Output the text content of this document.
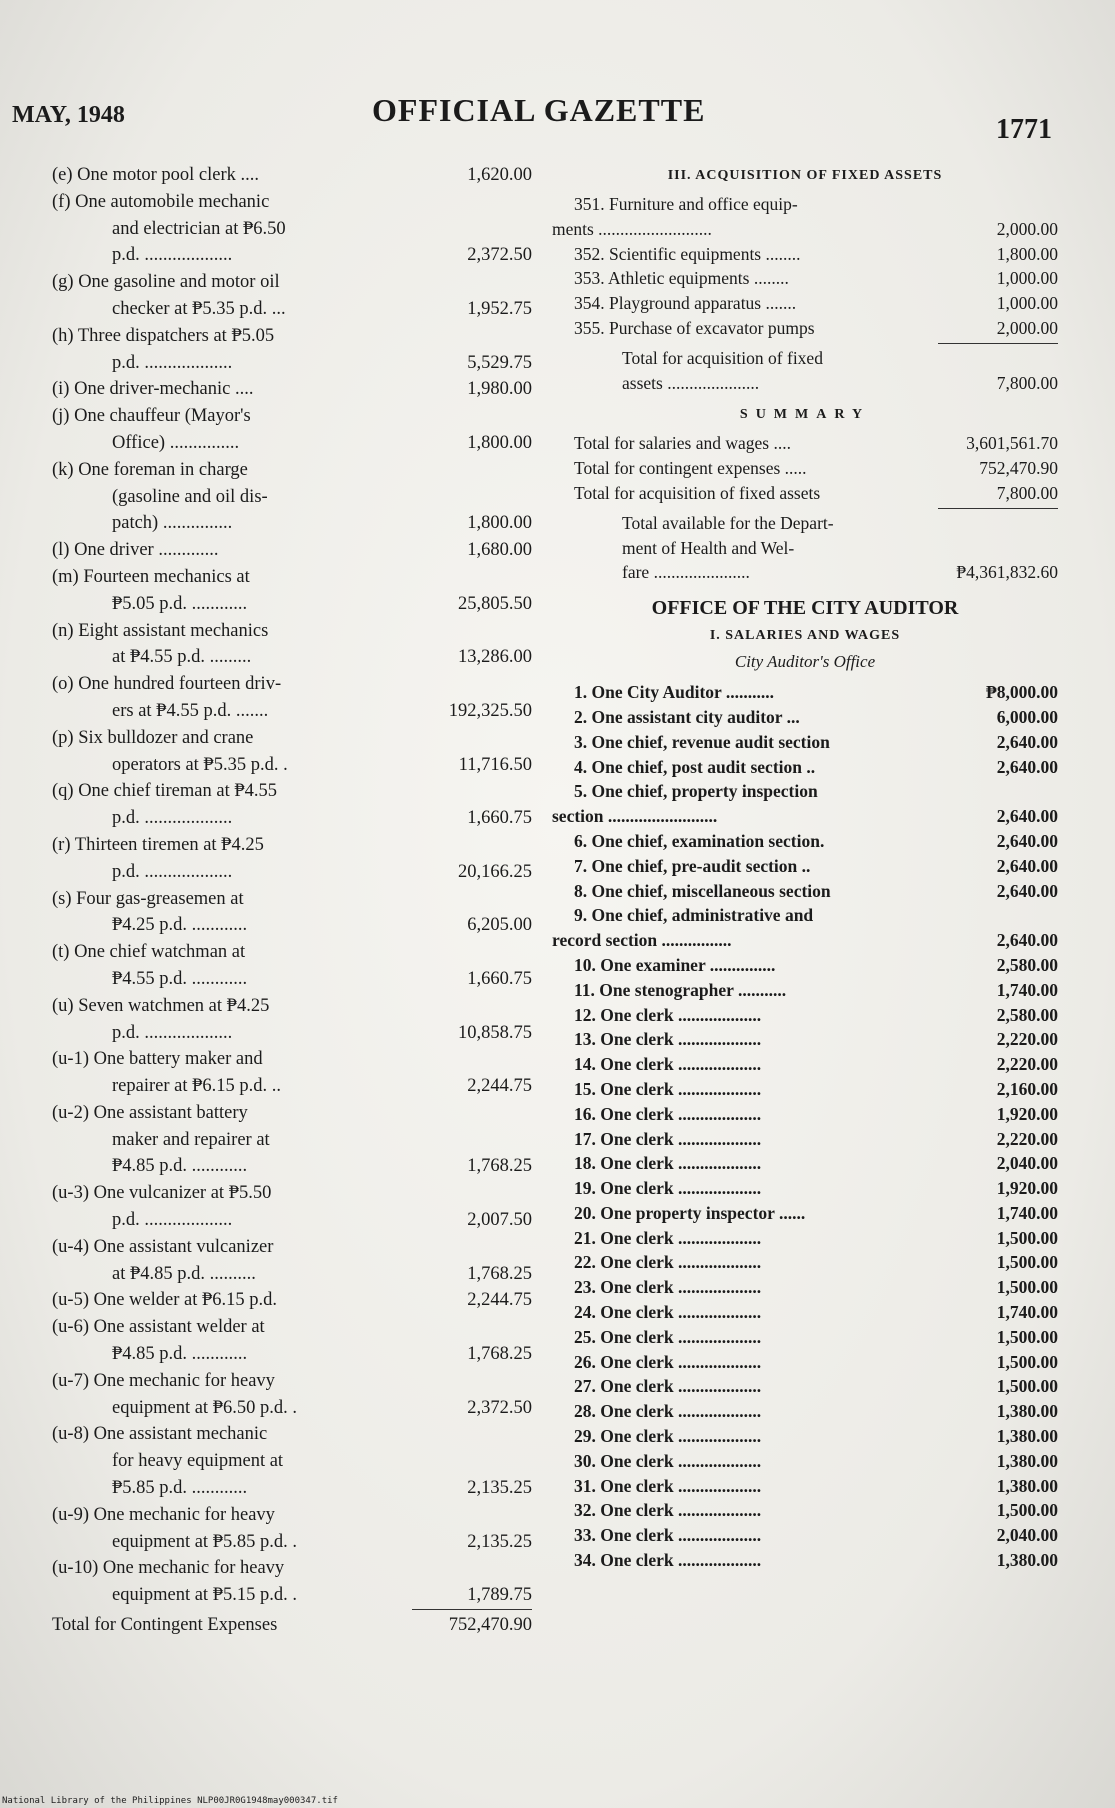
MAY, 1948	OFFICIAL GAZETTE
1771
(e) One motor pool clerk ....	1,620.00
(f) One automobile mechanic
and electrician at ₱6.50
p.d. ...................	2,372.50
(g) One gasoline and motor oil
checker at ₱5.35 p.d. ...	1,952.75
(h) Three dispatchers at ₱5.05
p.d. ...................	5,529.75
(i) One driver-mechanic ....	1,980.00
(j) One chauffeur (Mayor's
Office) ...............	1,800.00
(k) One foreman in charge
(gasoline and oil dis-
patch) ...............	1,800.00
(l) One driver .............	1,680.00
(m) Fourteen mechanics at
₱5.05 p.d. ............	25,805.50
(n) Eight assistant mechanics
at ₱4.55 p.d. .........	13,286.00
(o) One hundred fourteen driv-
ers at ₱4.55 p.d. .......	192,325.50
(p) Six bulldozer and crane
operators at ₱5.35 p.d. .	11,716.50
(q) One chief tireman at ₱4.55
p.d. ...................	1,660.75
(r) Thirteen tiremen at ₱4.25
p.d. ...................	20,166.25
(s) Four gas-greasemen at
₱4.25 p.d. ............	6,205.00
(t) One chief watchman at
₱4.55 p.d. ............	1,660.75
(u) Seven watchmen at ₱4.25
p.d. ...................	10,858.75
(u-1) One battery maker and
repairer at ₱6.15 p.d. ..	2,244.75
(u-2) One assistant battery
maker and repairer at
₱4.85 p.d. ............	1,768.25
(u-3) One vulcanizer at ₱5.50
p.d. ...................	2,007.50
(u-4) One assistant vulcanizer
at ₱4.85 p.d. ..........	1,768.25
(u-5) One welder at ₱6.15 p.d.	2,244.75
(u-6) One assistant welder at
₱4.85 p.d. ............	1,768.25
(u-7) One mechanic for heavy
equipment at ₱6.50 p.d. .	2,372.50
(u-8) One assistant mechanic
for heavy equipment at
₱5.85 p.d. ............	2,135.25
(u-9) One mechanic for heavy
equipment at ₱5.85 p.d. .	2,135.25
(u-10) One mechanic for heavy
equipment at ₱5.15 p.d. .	1,789.75
Total for Contingent Expenses	752,470.90
III. ACQUISITION OF FIXED ASSETS
351. Furniture and office equip-
ments ..........................	2,000.00
352. Scientific equipments ........	1,800.00
353. Athletic equipments ........	1,000.00
354. Playground apparatus .......	1,000.00
355. Purchase of excavator pumps	2,000.00
Total for acquisition of fixed
assets .....................	7,800.00
SUMMARY
Total for salaries and wages ....	3,601,561.70
Total for contingent expenses .....	752,470.90
Total for acquisition of fixed assets	7,800.00
Total available for the Depart-
ment of Health and Wel-
fare ......................	₱4,361,832.60
OFFICE OF THE CITY AUDITOR
I. SALARIES AND WAGES
City Auditor's Office
1. One City Auditor ...........	₱8,000.00
2. One assistant city auditor ...	6,000.00
3. One chief, revenue audit section	2,640.00
4. One chief, post audit section ..	2,640.00
5. One chief, property inspection
section .........................	2,640.00
6. One chief, examination section.	2,640.00
7. One chief, pre-audit section ..	2,640.00
8. One chief, miscellaneous section	2,640.00
9. One chief, administrative and
record section ................	2,640.00
10. One examiner ...............	2,580.00
11. One stenographer ...........	1,740.00
12. One clerk ...................	2,580.00
13. One clerk ...................	2,220.00
14. One clerk ...................	2,220.00
15. One clerk ...................	2,160.00
16. One clerk ...................	1,920.00
17. One clerk ...................	2,220.00
18. One clerk ...................	2,040.00
19. One clerk ...................	1,920.00
20. One property inspector ......	1,740.00
21. One clerk ...................	1,500.00
22. One clerk ...................	1,500.00
23. One clerk ...................	1,500.00
24. One clerk ...................	1,740.00
25. One clerk ...................	1,500.00
26. One clerk ...................	1,500.00
27. One clerk ...................	1,500.00
28. One clerk ...................	1,380.00
29. One clerk ...................	1,380.00
30. One clerk ...................	1,380.00
31. One clerk ...................	1,380.00
32. One clerk ...................	1,500.00
33. One clerk ...................	2,040.00
34. One clerk ...................	1,380.00
National Library of the Philippines NLP00JR0G1948may000347.tif
